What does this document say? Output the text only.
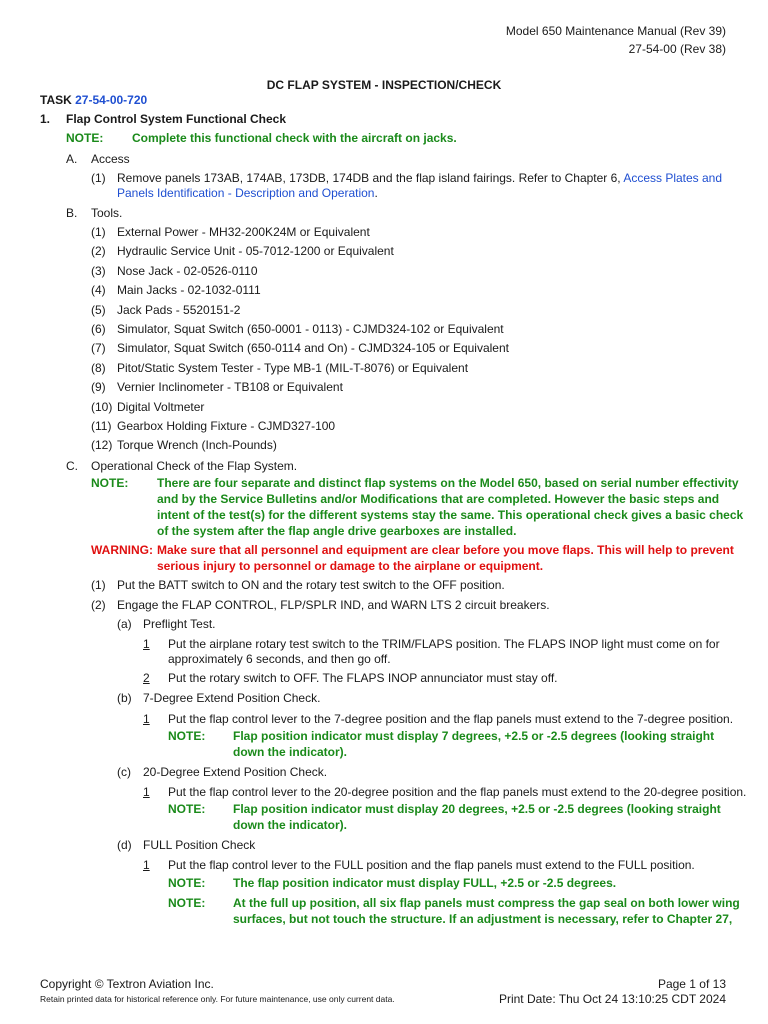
Model 650 Maintenance Manual (Rev 39)
27-54-00 (Rev 38)
DC FLAP SYSTEM - INSPECTION/CHECK
TASK 27-54-00-720
1. Flap Control System Functional Check
NOTE: Complete this functional check with the aircraft on jacks.
A. Access
(1) Remove panels 173AB, 174AB, 173DB, 174DB and the flap island fairings. Refer to Chapter 6, Access Plates and
Panels Identification - Description and Operation.
B. Tools.
(1) External Power - MH32-200K24M or Equivalent
(2) Hydraulic Service Unit - 05-7012-1200 or Equivalent
(3) Nose Jack - 02-0526-0110
(4) Main Jacks - 02-1032-0111
(5) Jack Pads - 5520151-2
(6) Simulator, Squat Switch (650-0001 - 0113) - CJMD324-102 or Equivalent
(7) Simulator, Squat Switch (650-0114 and On) - CJMD324-105 or Equivalent
(8) Pitot/Static System Tester - Type MB-1 (MIL-T-8076) or Equivalent
(9) Vernier Inclinometer - TB108 or Equivalent
(10) Digital Voltmeter
(11) Gearbox Holding Fixture - CJMD327-100
(12) Torque Wrench (Inch-Pounds)
C. Operational Check of the Flap System.
NOTE: There are four separate and distinct flap systems on the Model 650, based on serial number effectivity
and by the Service Bulletins and/or Modifications that are completed. However the basic steps and
intent of the test(s) for the different systems stay the same. This operational check gives a basic check
of the system after the flap angle drive gearboxes are installed.
WARNING: Make sure that all personnel and equipment are clear before you move flaps. This will help to prevent
serious injury to personnel or damage to the airplane or equipment.
(1) Put the BATT switch to ON and the rotary test switch to the OFF position.
(2) Engage the FLAP CONTROL, FLP/SPLR IND, and WARN LTS 2 circuit breakers.
(a) Preflight Test.
1 Put the airplane rotary test switch to the TRIM/FLAPS position. The FLAPS INOP light must come on for
approximately 6 seconds, and then go off.
2 Put the rotary switch to OFF. The FLAPS INOP annunciator must stay off.
(b) 7-Degree Extend Position Check.
1 Put the flap control lever to the 7-degree position and the flap panels must extend to the 7-degree position.
NOTE: Flap position indicator must display 7 degrees, +2.5 or -2.5 degrees (looking straight
down the indicator).
(c) 20-Degree Extend Position Check.
1 Put the flap control lever to the 20-degree position and the flap panels must extend to the 20-degree position.
NOTE: Flap position indicator must display 20 degrees, +2.5 or -2.5 degrees (looking straight
down the indicator).
(d) FULL Position Check
1 Put the flap control lever to the FULL position and the flap panels must extend to the FULL position.
NOTE: The flap position indicator must display FULL, +2.5 or -2.5 degrees.
NOTE: At the full up position, all six flap panels must compress the gap seal on both lower wing
surfaces, but not touch the structure. If an adjustment is necessary, refer to Chapter 27,
Copyright © Textron Aviation Inc.
Retain printed data for historical reference only. For future maintenance, use only current data.
Page 1 of 13
Print Date: Thu Oct 24 13:10:25 CDT 2024
